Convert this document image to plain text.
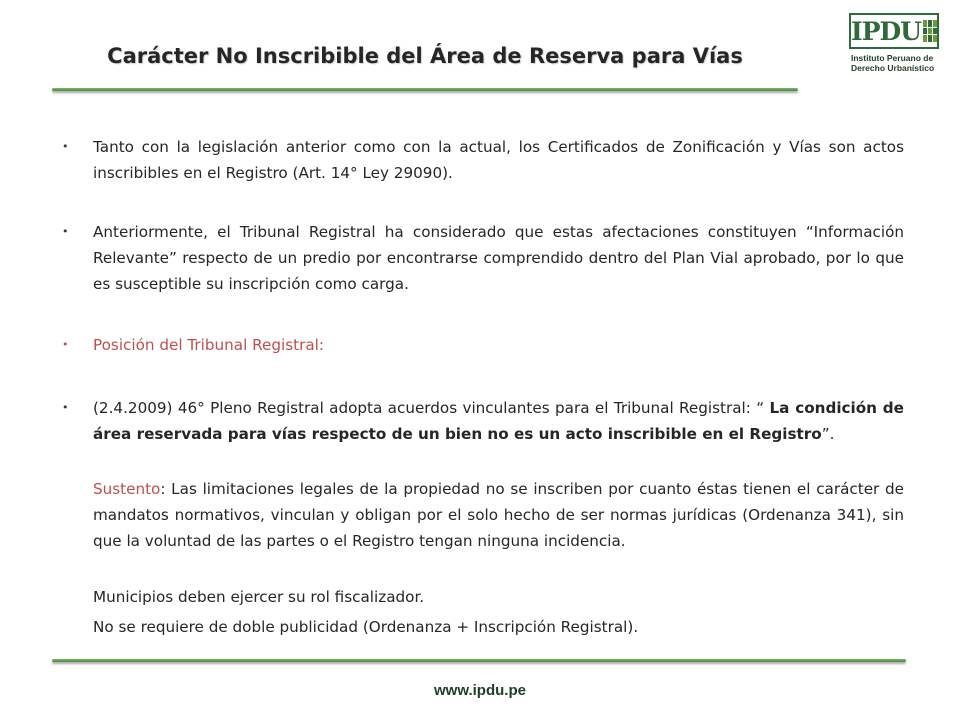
Carácter No Inscribible del Área de Reserva para Vías
IPDU
Instituto Peruano de
Derecho Urbanístico
• Tanto con la legislación anterior como con la actual, los Certificados de Zonificación y Vías son actos inscribibles en el Registro (Art. 14° Ley 29090).
• Anteriormente, el Tribunal Registral ha considerado que estas afectaciones constituyen “Información Relevante” respecto de un predio por encontrarse comprendido dentro del Plan Vial aprobado, por lo que es susceptible su inscripción como carga.
• Posición del Tribunal Registral:
• (2.4.2009) 46° Pleno Registral adopta acuerdos vinculantes para el Tribunal Registral: “ La condición de área reservada para vías respecto de un bien no es un acto inscribible en el Registro”.
Sustento: Las limitaciones legales de la propiedad no se inscriben por cuanto éstas tienen el carácter de mandatos normativos, vinculan y obligan por el solo hecho de ser normas jurídicas (Ordenanza 341), sin que la voluntad de las partes o el Registro tengan ninguna incidencia.
Municipios deben ejercer su rol fiscalizador.
No se requiere de doble publicidad (Ordenanza + Inscripción Registral).
www.ipdu.pe
